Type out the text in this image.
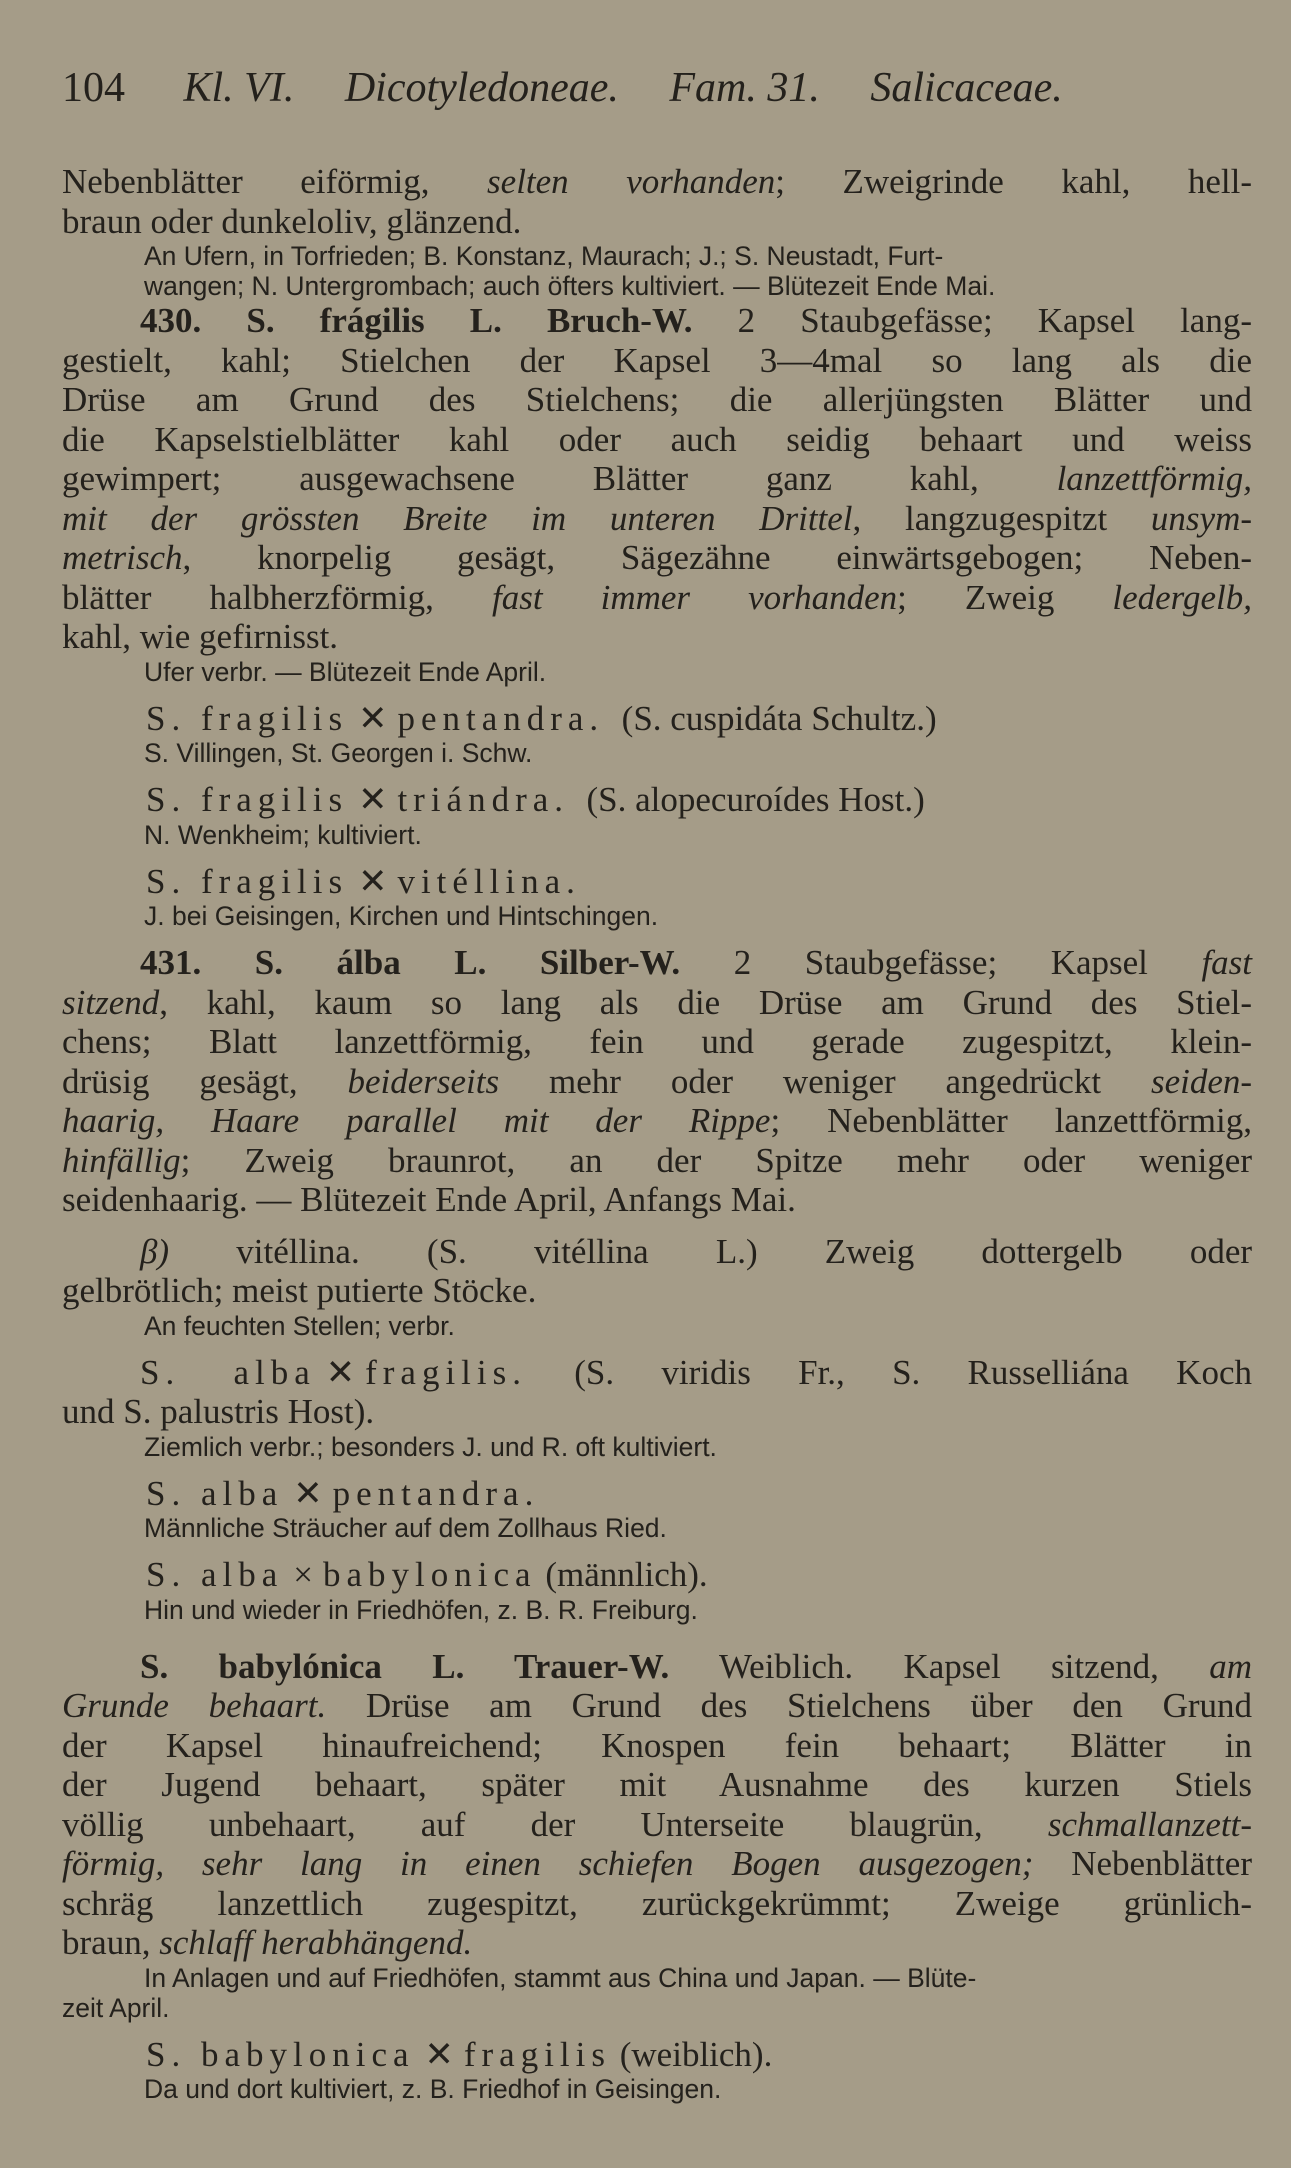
104 Kl. VI. Dicotyledoneae. Fam. 31. Salicaceae.

Nebenblätter eiförmig, selten vorhanden; Zweigrinde kahl, hell-

braun oder dunkeloliv, glänzend.

An Ufern, in Torfrieden; B. Konstanz, Maurach; J.; S. Neustadt, Furt-

wangen; N. Untergrombach; auch öfters kultiviert. — Blütezeit Ende Mai.

430. S. frágilis L. Bruch-W. 2 Staubgefässe; Kapsel lang-

gestielt, kahl; Stielchen der Kapsel 3—4mal so lang als die

Drüse am Grund des Stielchens; die allerjüngsten Blätter und

die Kapselstielblätter kahl oder auch seidig behaart und weiss

gewimpert; ausgewachsene Blätter ganz kahl, lanzettförmig,

mit der grössten Breite im unteren Drittel, langzugespitzt unsym-

metrisch, knorpelig gesägt, Sägezähne einwärtsgebogen; Neben-

blätter halbherzförmig, fast immer vorhanden; Zweig ledergelb,

kahl, wie gefirnisst.

Ufer verbr. — Blütezeit Ende April.

S. fragilis ✕ pentandra. (S. cuspidáta Schultz.)

S. Villingen, St. Georgen i. Schw.

S. fragilis ✕ triándra. (S. alopecuroídes Host.)

N. Wenkheim; kultiviert.

S. fragilis ✕ vitéllina.

J. bei Geisingen, Kirchen und Hintschingen.

431. S. álba L. Silber-W. 2 Staubgefässe; Kapsel fast

sitzend, kahl, kaum so lang als die Drüse am Grund des Stiel-

chens; Blatt lanzettförmig, fein und gerade zugespitzt, klein-

drüsig gesägt, beiderseits mehr oder weniger angedrückt seiden-

haarig, Haare parallel mit der Rippe; Nebenblätter lanzettförmig,

hinfällig; Zweig braunrot, an der Spitze mehr oder weniger

seidenhaarig. — Blütezeit Ende April, Anfangs Mai.

β) vitéllina. (S. vitéllina L.) Zweig dottergelb oder

gelbrötlich; meist putierte Stöcke.

An feuchten Stellen; verbr.

S. alba ✕ fragilis. (S. viridis Fr., S. Russelliána Koch

und S. palustris Host).

Ziemlich verbr.; besonders J. und R. oft kultiviert.

S. alba ✕ pentandra.

Männliche Sträucher auf dem Zollhaus Ried.

S. alba × babylonica (männlich).

Hin und wieder in Friedhöfen, z. B. R. Freiburg.

S. babylónica L. Trauer-W. Weiblich. Kapsel sitzend, am

Grunde behaart. Drüse am Grund des Stielchens über den Grund

der Kapsel hinaufreichend; Knospen fein behaart; Blätter in

der Jugend behaart, später mit Ausnahme des kurzen Stiels

völlig unbehaart, auf der Unterseite blaugrün, schmallanzett-

förmig, sehr lang in einen schiefen Bogen ausgezogen; Nebenblätter

schräg lanzettlich zugespitzt, zurückgekrümmt; Zweige grünlich-

braun, schlaff herabhängend.

In Anlagen und auf Friedhöfen, stammt aus China und Japan. — Blüte-

zeit April.

S. babylonica ✕ fragilis (weiblich).

Da und dort kultiviert, z. B. Friedhof in Geisingen.
